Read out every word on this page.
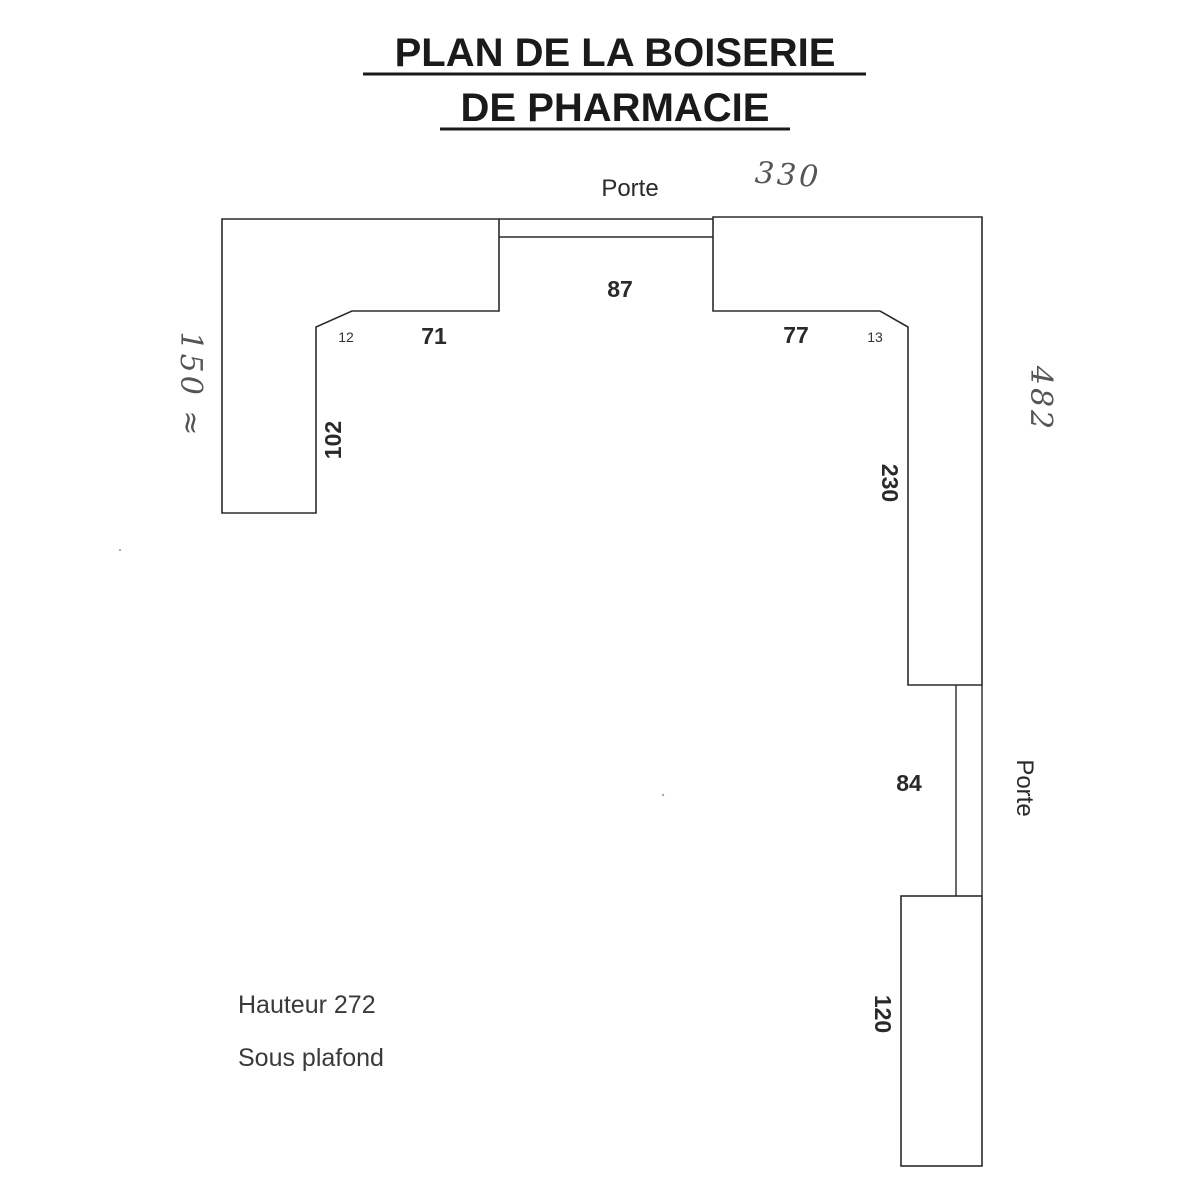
PLAN DE LA BOISERIE
DE PHARMACIE
Porte	330
87
71
12	77	13
102
230
84
120
Porte
150 ≈	482
Hauteur 272
Sous plafond
